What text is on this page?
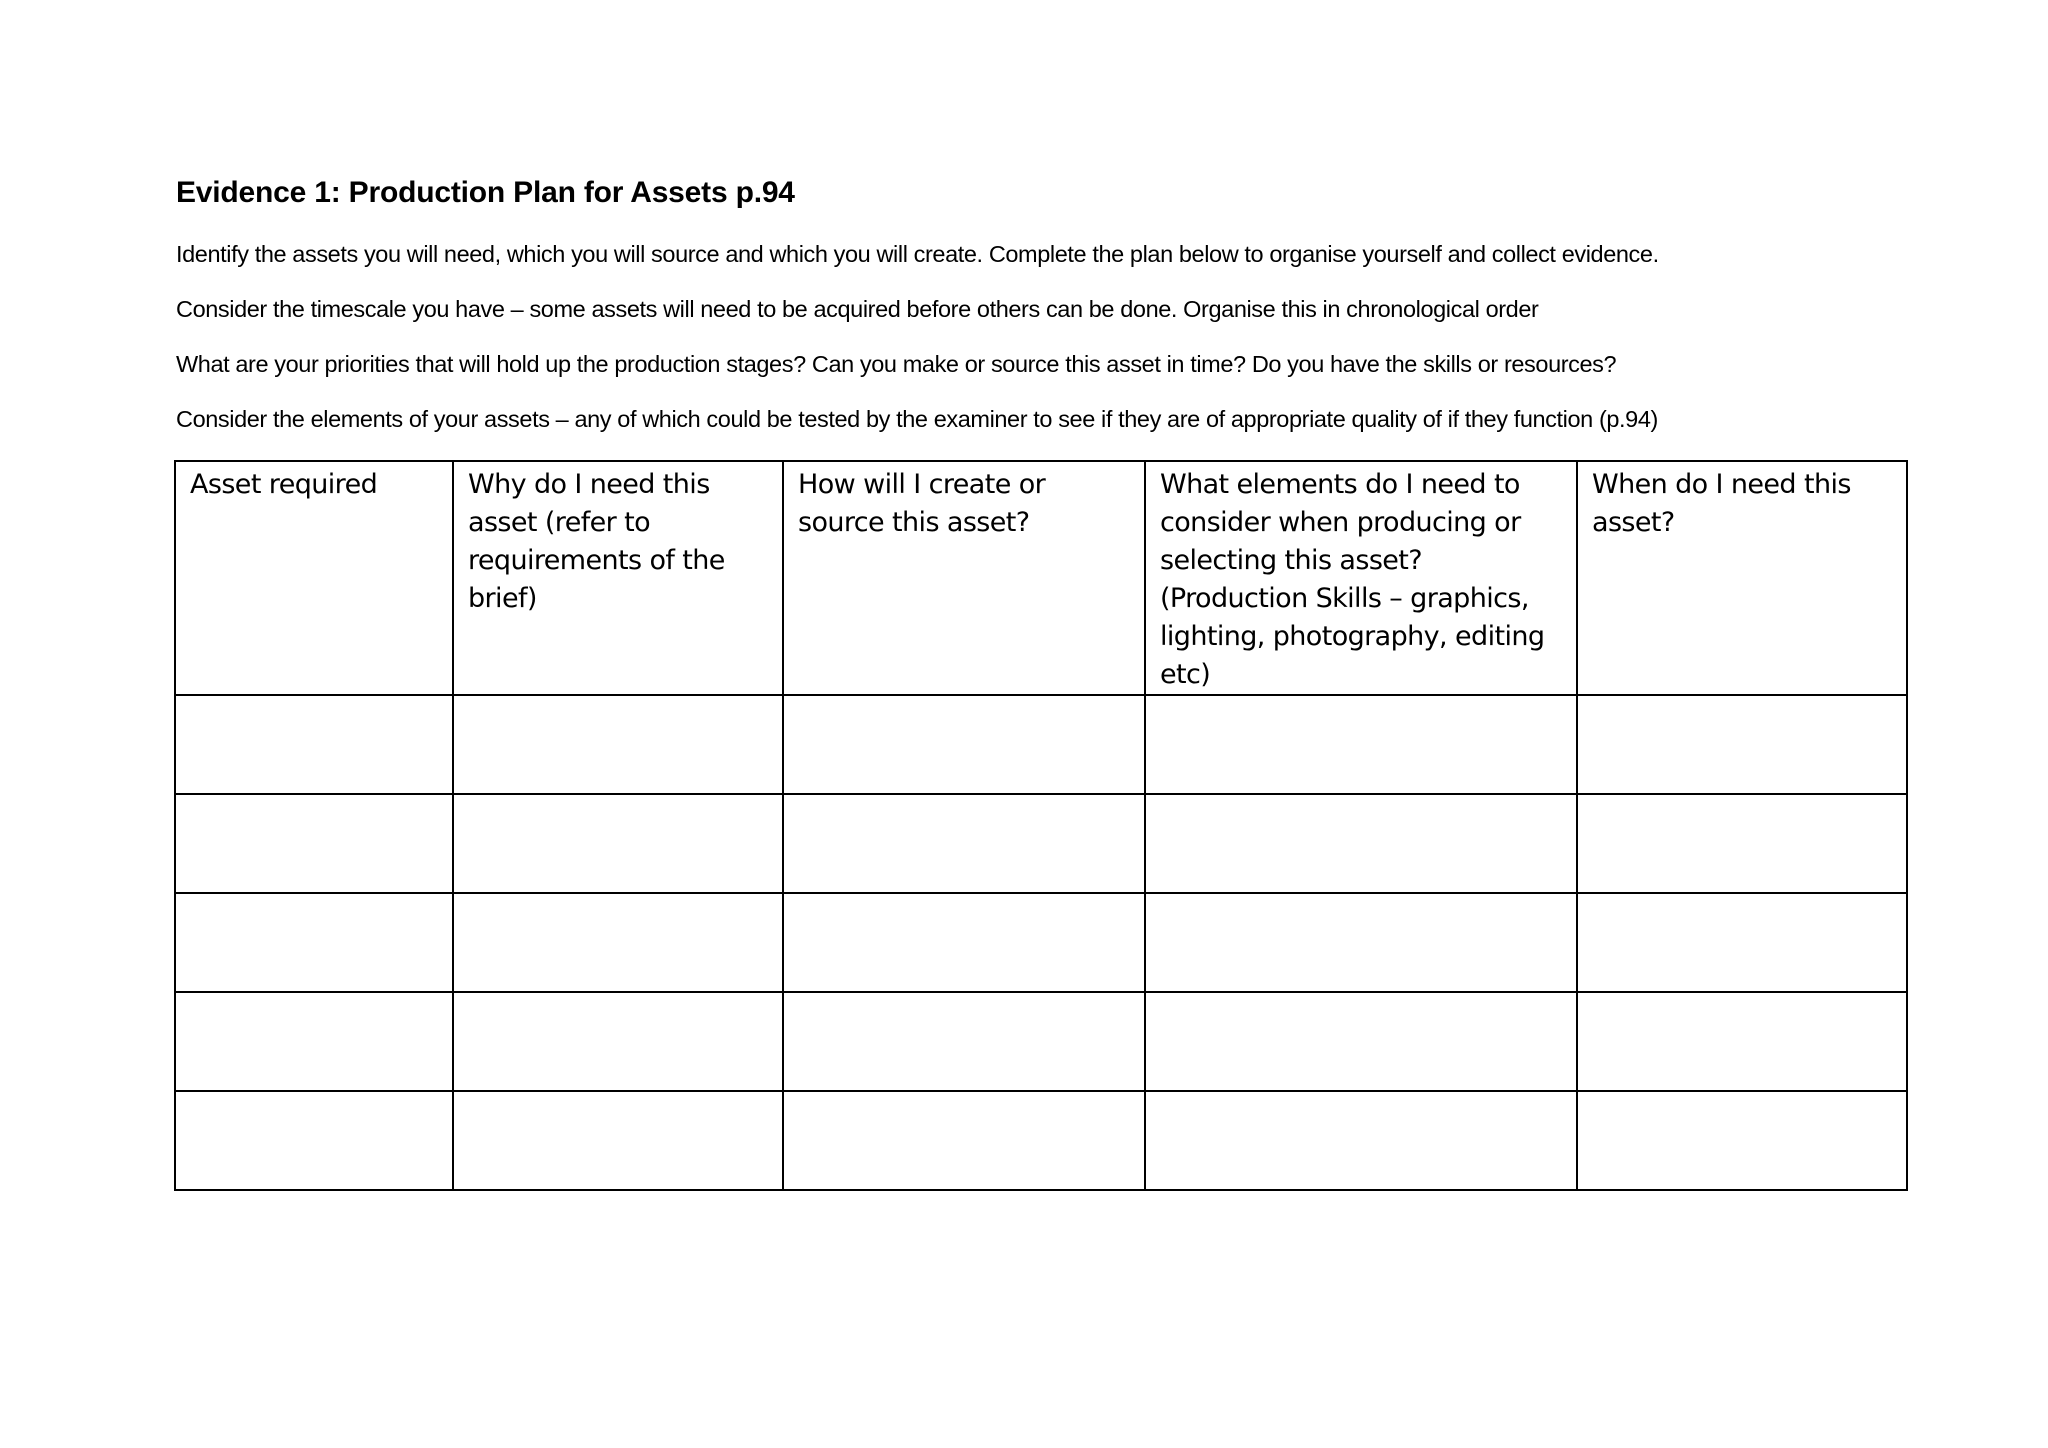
Evidence 1: Production Plan for Assets p.94
Identify the assets you will need, which you will source and which you will create. Complete the plan below to organise yourself and collect evidence.
Consider the timescale you have – some assets will need to be acquired before others can be done. Organise this in chronological order
What are your priorities that will hold up the production stages? Can you make or source this asset in time? Do you have the skills or resources?
Consider the elements of your assets – any of which could be tested by the examiner to see if they are of appropriate quality of if they function (p.94)
Asset required	Why do I need this asset (refer to requirements of the brief)	How will I create or source this asset?	What elements do I need to consider when producing or selecting this asset? (Production Skills – graphics, lighting, photography, editing etc)	When do I need this asset?
